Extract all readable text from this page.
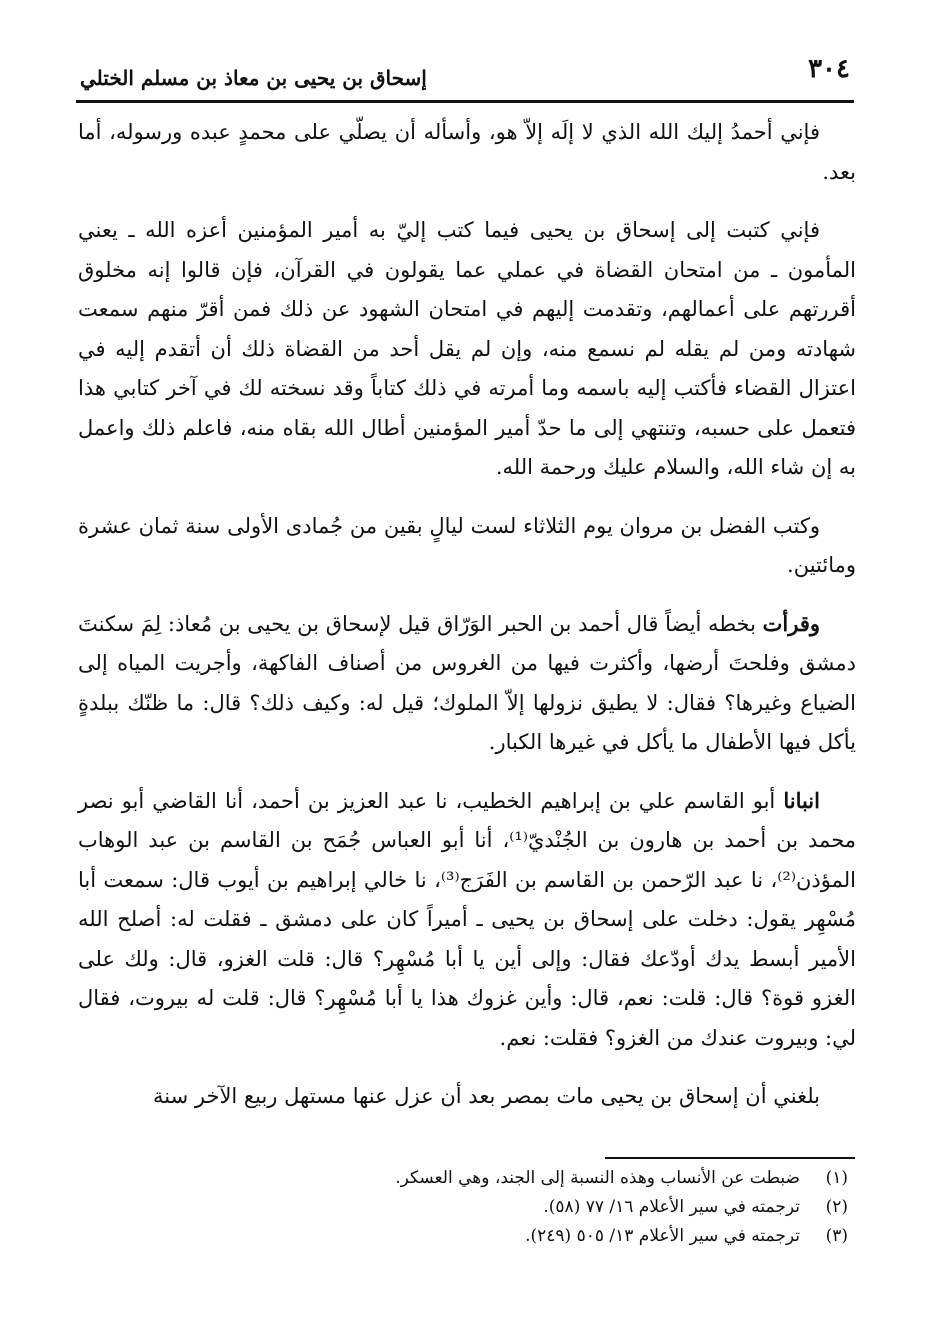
٣٠٤
إسحاق بن يحيى بن معاذ بن مسلم الختلي

فإني أحمدُ إليك الله الذي لا إلَه إلاّ هو، وأسأله أن يصلّي على محمدٍ عبده ورسوله، أما بعد.

فإني كتبت إلى إسحاق بن يحيى فيما كتب إليّ به أمير المؤمنين أعزه الله ـ يعني المأمون ـ من امتحان القضاة في عملي عما يقولون في القرآن، فإن قالوا إنه مخلوق أقررتهم على أعمالهم، وتقدمت إليهم في امتحان الشهود عن ذلك فمن أقرّ منهم سمعت شهادته ومن لم يقله لم نسمع منه، وإن لم يقل أحد من القضاة ذلك أن أتقدم إليه في اعتزال القضاء فأكتب إليه باسمه وما أمرته في ذلك كتاباً وقد نسخته لك في آخر كتابي هذا فتعمل على حسبه، وتنتهي إلى ما حدّ أمير المؤمنين أطال الله بقاه منه، فاعلم ذلك واعمل به إن شاء الله، والسلام عليك ورحمة الله.

وكتب الفضل بن مروان يوم الثلاثاء لست ليالٍ بقين من جُمادى الأولى سنة ثمان عشرة ومائتين.

وقرأت بخطه أيضاً قال أحمد بن الحبر الوَرّاق قيل لإسحاق بن يحيى بن مُعاذ: لِمَ سكنتَ دمشق وفلحتَ أرضها، وأكثرت فيها من الغروس من أصناف الفاكهة، وأجريت المياه إلى الضياع وغيرها؟ فقال: لا يطيق نزولها إلاّ الملوك؛ قيل له: وكيف ذلك؟ قال: ما ظنّك ببلدةٍ يأكل فيها الأطفال ما يأكل في غيرها الكبار.

انبانا أبو القاسم علي بن إبراهيم الخطيب، نا عبد العزيز بن أحمد، أنا القاضي أبو نصر محمد بن أحمد بن هارون بن الجُنْديّ⁽¹⁾، أنا أبو العباس جُمَح بن القاسم بن عبد الوهاب المؤذن⁽²⁾، نا عبد الرّحمن بن القاسم بن الفَرَج⁽³⁾، نا خالي إبراهيم بن أيوب قال: سمعت أبا مُسْهِر يقول: دخلت على إسحاق بن يحيى ـ أميراً كان على دمشق ـ فقلت له: أصلح الله الأمير أبسط يدك أودّعك فقال: وإلى أين يا أبا مُسْهِر؟ قال: قلت الغزو، قال: ولك على الغزو قوة؟ قال: قلت: نعم، قال: وأين غزوك هذا يا أبا مُسْهِر؟ قال: قلت له بيروت، فقال لي: وبيروت عندك من الغزو؟ فقلت: نعم.

بلغني أن إسحاق بن يحيى مات بمصر بعد أن عزل عنها مستهل ربيع الآخر سنة

(١)
ضبطت عن الأنساب وهذه النسبة إلى الجند، وهي العسكر.
(٢)
ترجمته في سير الأعلام ١٦/ ٧٧ (٥٨).
(٣)
ترجمته في سير الأعلام ١٣/ ٥٠٥ (٢٤٩).
